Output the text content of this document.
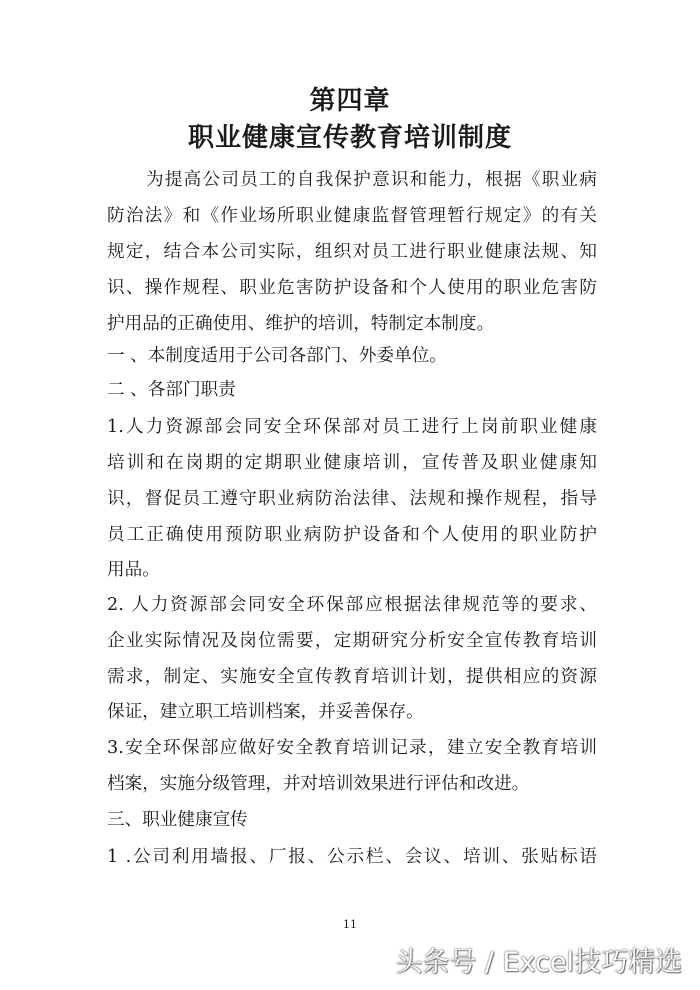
第四章
职业健康宣传教育培训制度
为提高公司员工的自我保护意识和能力，根据《职业病
防治法》和《作业场所职业健康监督管理暂行规定》的有关
规定，结合本公司实际，组织对员工进行职业健康法规、知
识、操作规程、职业危害防护设备和个人使用的职业危害防
护用品的正确使用、维护的培训，特制定本制度。
一 、本制度适用于公司各部门、外委单位。
二 、各部门职责
1.人力资源部会同安全环保部对员工进行上岗前职业健康
培训和在岗期的定期职业健康培训，宣传普及职业健康知
识，督促员工遵守职业病防治法律、法规和操作规程，指导
员工正确使用预防职业病防护设备和个人使用的职业防护
用品。
2. 人力资源部会同安全环保部应根据法律规范等的要求、
企业实际情况及岗位需要，定期研究分析安全宣传教育培训
需求，制定、实施安全宣传教育培训计划，提供相应的资源
保证，建立职工培训档案，并妥善保存。
3.安全环保部应做好安全教育培训记录，建立安全教育培训
档案，实施分级管理，并对培训效果进行评估和改进。
三、职业健康宣传
1 .公司利用墙报、厂报、公示栏、会议、培训、张贴标语
11
头条号 / Excel技巧精选
